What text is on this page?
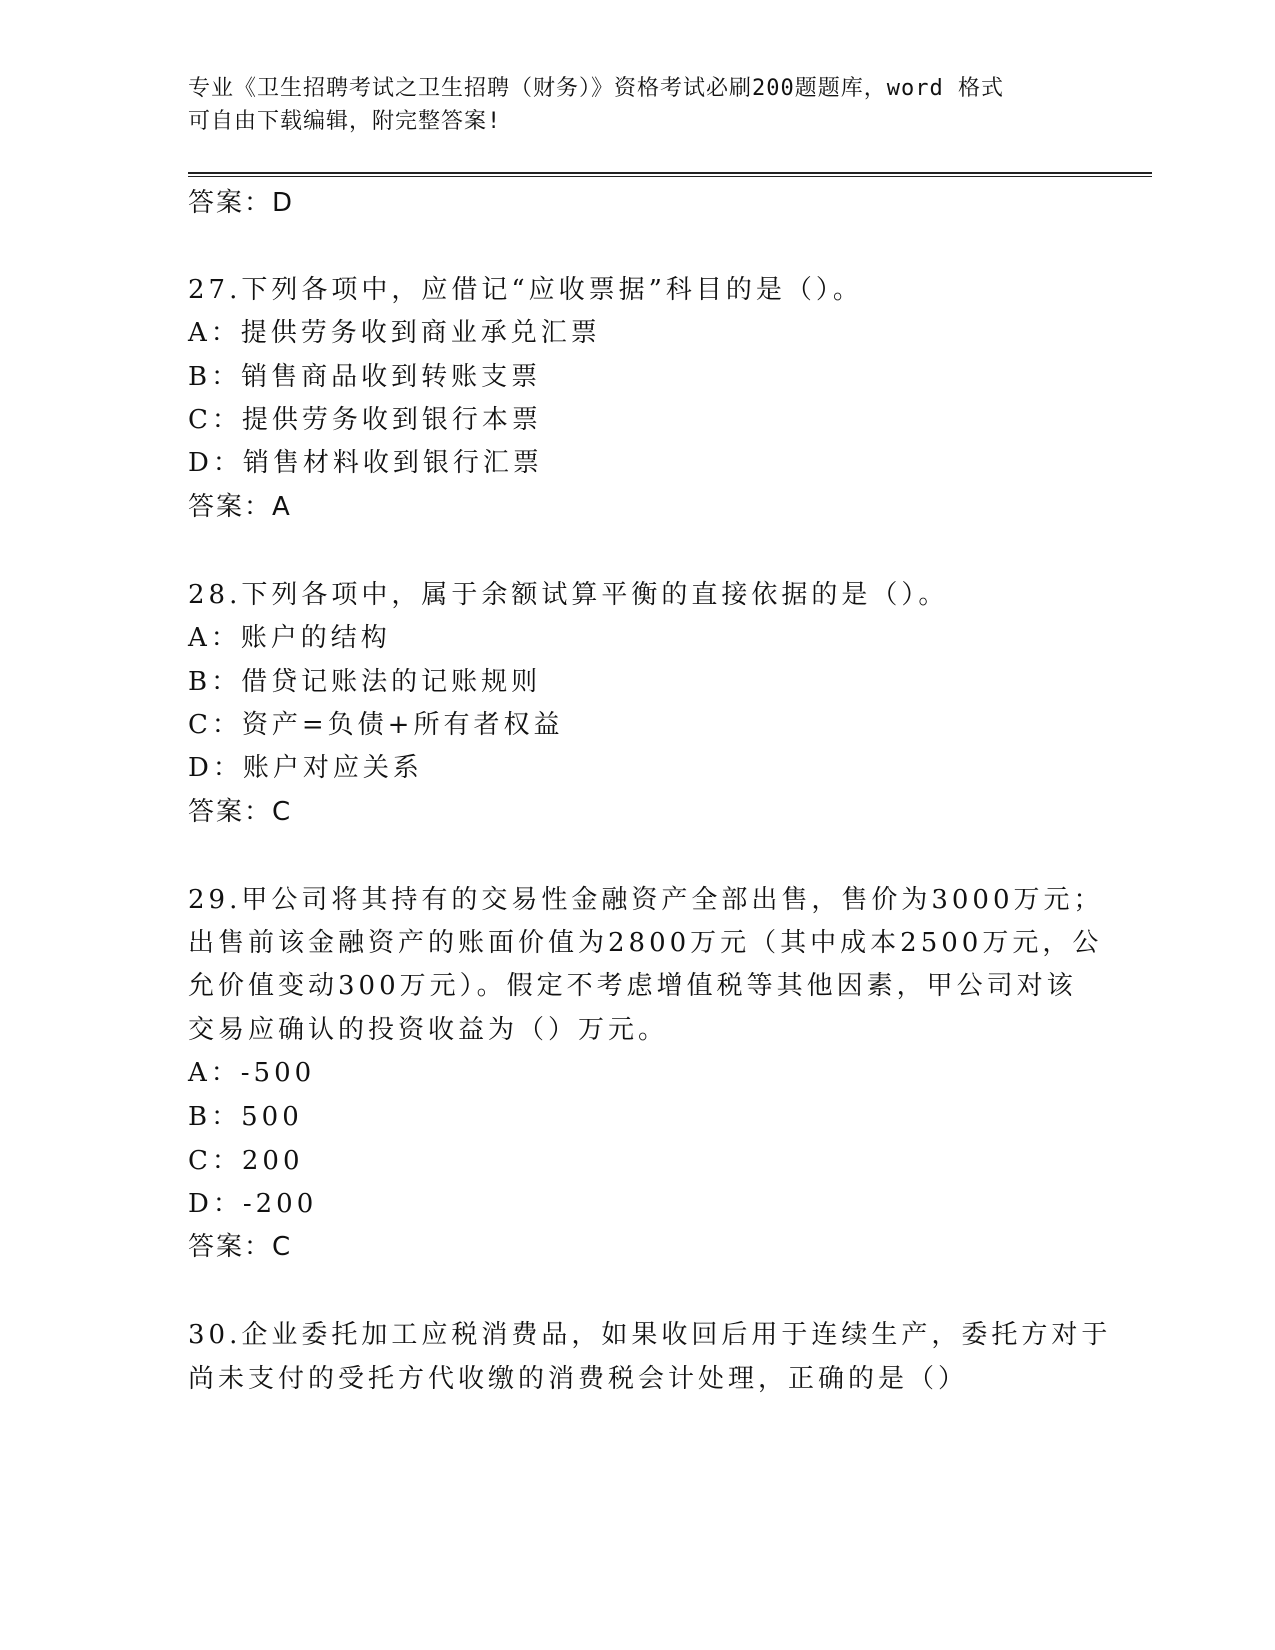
专业《卫生招聘考试之卫生招聘（财务）》资格考试必刷200题题库，word 格式
可自由下载编辑，附完整答案!
答案：D
27.下列各项中，应借记“应收票据”科目的是（）。
A：提供劳务收到商业承兑汇票
B：销售商品收到转账支票
C：提供劳务收到银行本票
D：销售材料收到银行汇票
答案：A
28.下列各项中，属于余额试算平衡的直接依据的是（）。
A：账户的结构
B：借贷记账法的记账规则
C：资产=负债+所有者权益
D：账户对应关系
答案：C
29.甲公司将其持有的交易性金融资产全部出售，售价为3000万元；
出售前该金融资产的账面价值为2800万元（其中成本2500万元，公
允价值变动300万元）。假定不考虑增值税等其他因素，甲公司对该
交易应确认的投资收益为（）万元。
A：-500
B：500
C：200
D：-200
答案：C
30.企业委托加工应税消费品，如果收回后用于连续生产，委托方对于
尚未支付的受托方代收缴的消费税会计处理，正确的是（）
